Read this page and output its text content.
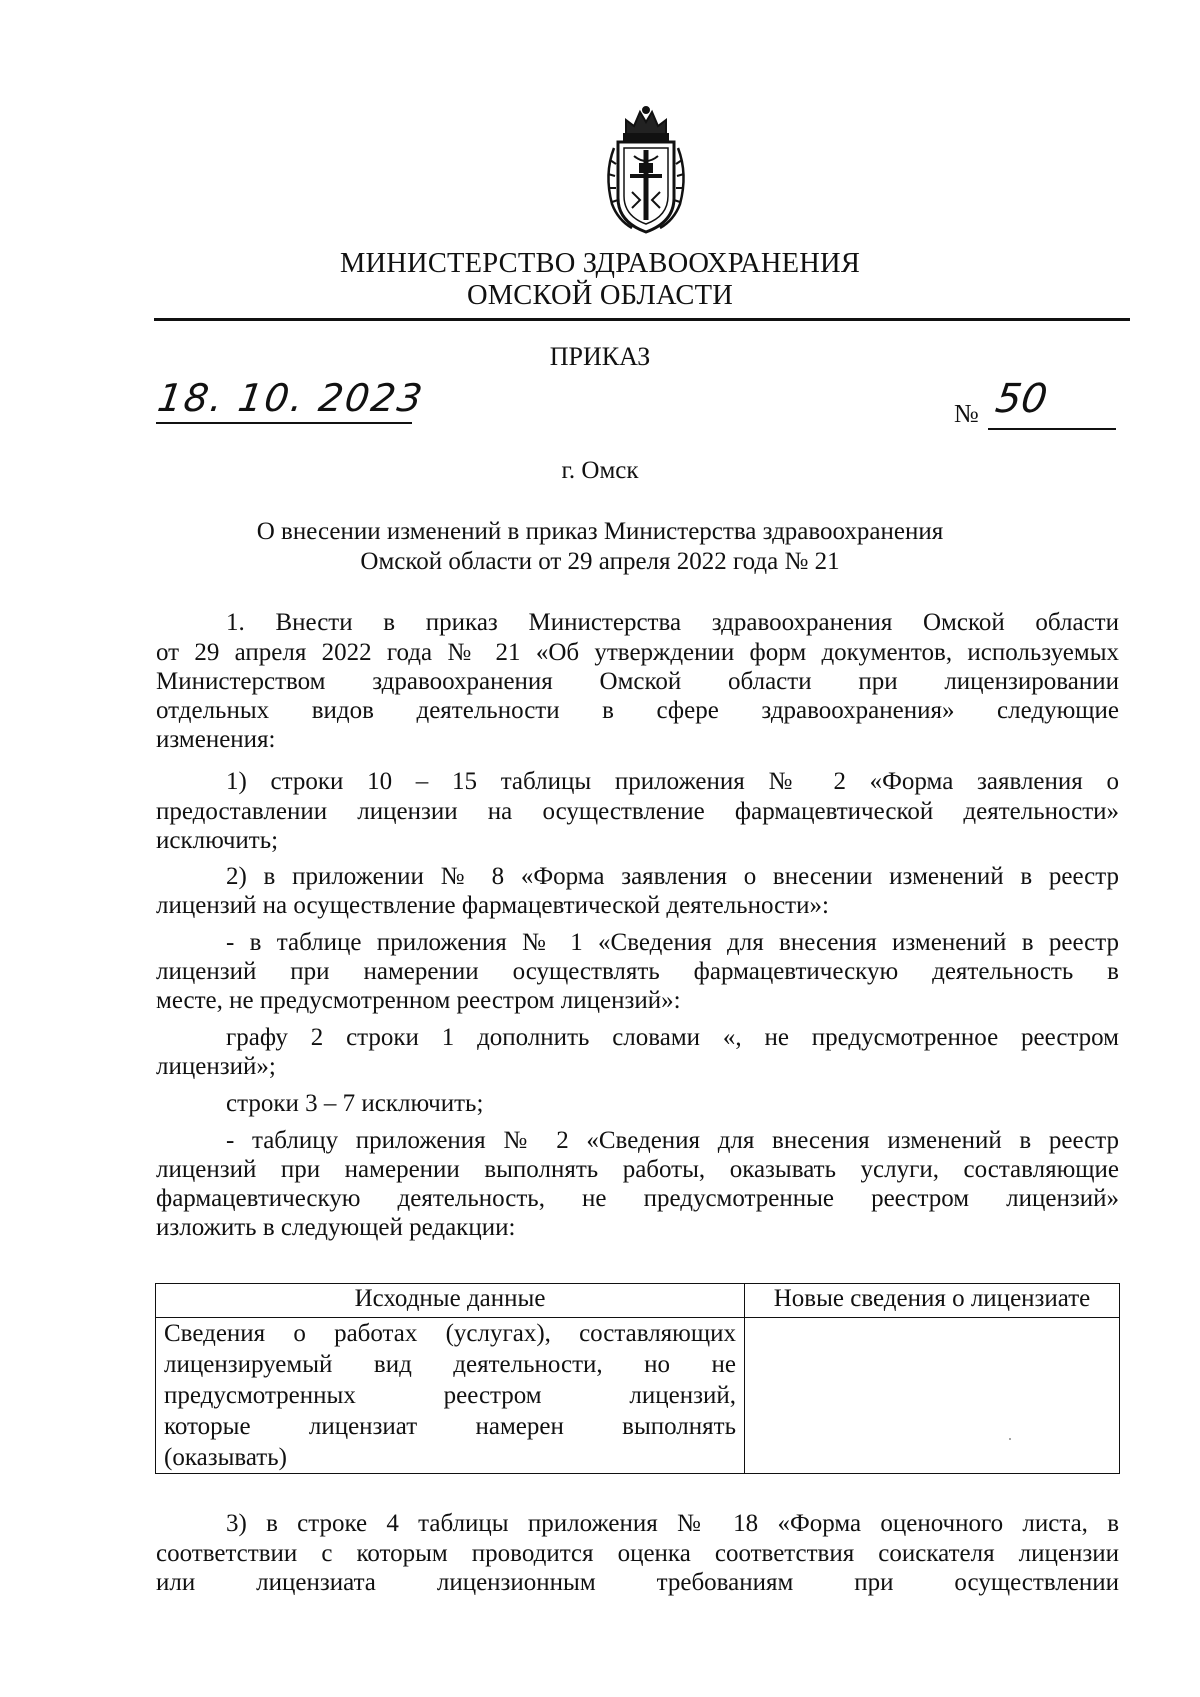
МИНИСТЕРСТВО ЗДРАВООХРАНЕНИЯ
ОМСКОЙ ОБЛАСТИ
ПРИКАЗ
18. 10. 2023	№ 50
г. Омск
О внесении изменений в приказ Министерства здравоохранения
Омской области от 29 апреля 2022 года № 21
1. Внести в приказ Министерства здравоохранения Омской области
от 29 апреля 2022 года № 21 «Об утверждении форм документов, используемых
Министерством здравоохранения Омской области при лицензировании
отдельных видов деятельности в сфере здравоохранения» следующие
изменения:
1) строки 10 – 15 таблицы приложения № 2 «Форма заявления о
предоставлении лицензии на осуществление фармацевтической деятельности»
исключить;
2) в приложении № 8 «Форма заявления о внесении изменений в реестр
лицензий на осуществление фармацевтической деятельности»:
- в таблице приложения № 1 «Сведения для внесения изменений в реестр
лицензий при намерении осуществлять фармацевтическую деятельность в
месте, не предусмотренном реестром лицензий»:
графу 2 строки 1 дополнить словами «, не предусмотренное реестром
лицензий»;
строки 3 – 7 исключить;
- таблицу приложения № 2 «Сведения для внесения изменений в реестр
лицензий при намерении выполнять работы, оказывать услуги, составляющие
фармацевтическую деятельность, не предусмотренные реестром лицензий»
изложить в следующей редакции:
Исходные данные	Новые сведения о лицензиате

Сведения о работах (услугах), составляющих
лицензируемый вид деятельности, но не
предусмотренных реестром лицензий,
которые лицензиат намерен выполнять
(оказывать)	

3) в строке 4 таблицы приложения № 18 «Форма оценочного листа, в
соответствии с которым проводится оценка соответствия соискателя лицензии
или лицензиата лицензионным требованиям при осуществлении
